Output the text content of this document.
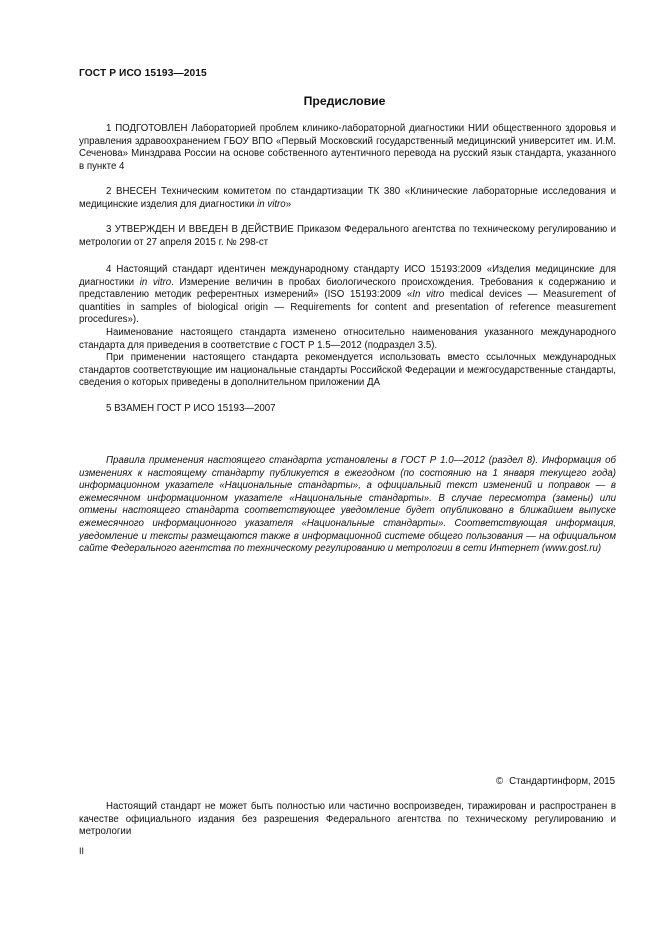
ГОСТ Р ИСО 15193—2015
Предисловие

1 ПОДГОТОВЛЕН Лабораторией проблем клинико-лабораторной диагностики НИИ общественного здоровья и управления здравоохранением ГБОУ ВПО «Первый Московский государственный медицинский университет им. И.М. Сеченова» Минздрава России на основе собственного аутентичного перевода на русский язык стандарта, указанного в пункте 4

2 ВНЕСЕН Техническим комитетом по стандартизации ТК 380 «Клинические лабораторные исследования и медицинские изделия для диагностики in vitro»

3 УТВЕРЖДЕН И ВВЕДЕН В ДЕЙСТВИЕ Приказом Федерального агентства по техническому регулированию и метрологии от 27 апреля 2015 г. № 298-ст

4 Настоящий стандарт идентичен международному стандарту ИСО 15193:2009 «Изделия медицинские для диагностики in vitro. Измерение величин в пробах биологического происхождения. Требования к содержанию и представлению методик референтных измерений» (ISO 15193:2009 «In vitro medical devices — Measurement of quantities in samples of biological origin — Requirements for content and presentation of reference measurement procedures»).

Наименование настоящего стандарта изменено относительно наименования указанного международного стандарта для приведения в соответствие с ГОСТ Р 1.5—2012 (подраздел 3.5).

При применении настоящего стандарта рекомендуется использовать вместо ссылочных международных стандартов соответствующие им национальные стандарты Российской Федерации и межгосударственные стандарты, сведения о которых приведены в дополнительном приложении ДА

5 ВЗАМЕН ГОСТ Р ИСО 15193—2007

Правила применения настоящего стандарта установлены в ГОСТ Р 1.0—2012 (раздел 8). Информация об изменениях к настоящему стандарту публикуется в ежегодном (по состоянию на 1 января текущего года) информационном указателе «Национальные стандарты», а официальный текст изменений и поправок — в ежемесячном информационном указателе «Национальные стандарты». В случае пересмотра (замены) или отмены настоящего стандарта соответствующее уведомление будет опубликовано в ближайшем выпуске ежемесячного информационного указателя «Национальные стандарты». Соответствующая информация, уведомление и тексты размещаются также в информационной системе общего пользования — на официальном сайте Федерального агентства по техническому регулированию и метрологии в сети Интернет (www.gost.ru)

© Стандартинформ, 2015

Настоящий стандарт не может быть полностью или частично воспроизведен, тиражирован и распространен в качестве официального издания без разрешения Федерального агентства по техническому регулированию и метрологии

II
